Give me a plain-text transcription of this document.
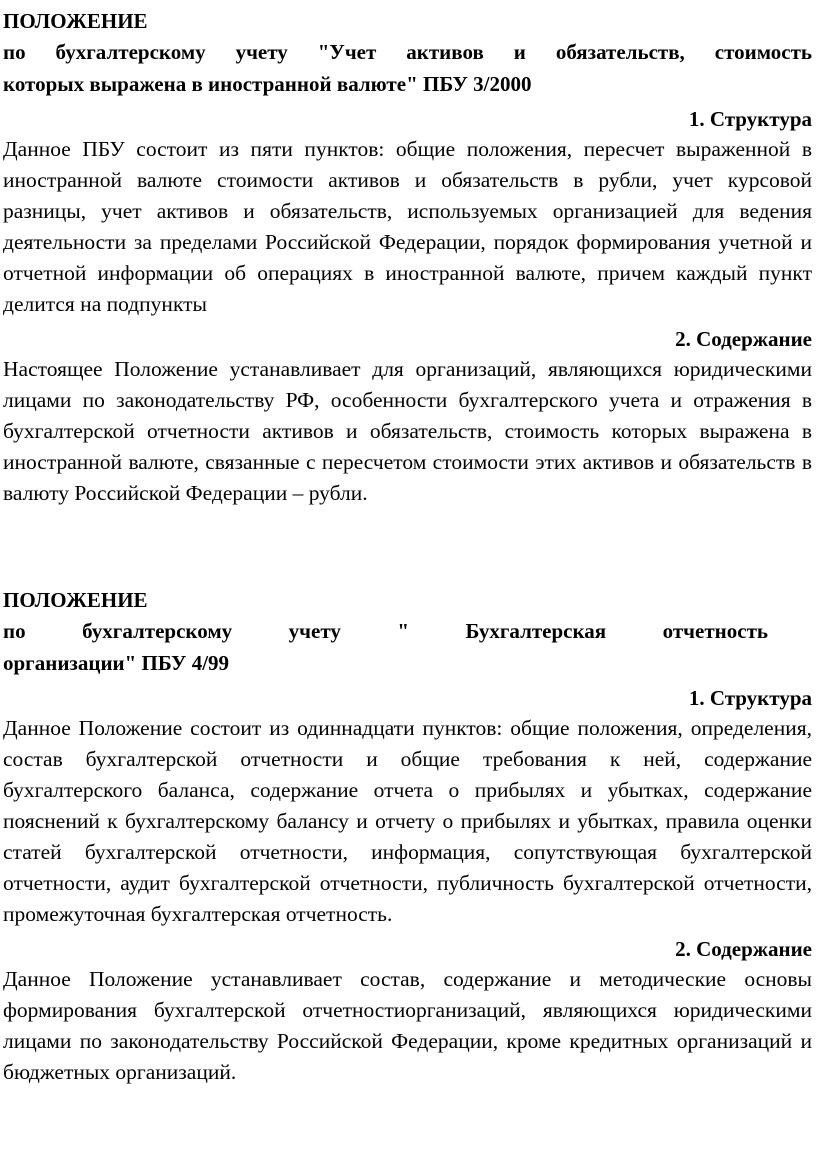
ПОЛОЖЕНИЕ

по бухгалтерскому учету "Учет активов и обязательств, стоимость

которых выражена в иностранной валюте" ПБУ 3/2000

1. Структура

Данное ПБУ состоит из пяти пунктов: общие положения, пересчет выраженной в иностранной валюте стоимости активов и обязательств в рубли, учет курсовой разницы, учет активов и обязательств, используемых организацией для ведения деятельности за пределами Российской Федерации, порядок формирования учетной и отчетной информации об операциях в иностранной валюте, причем каждый пункт делится на подпункты

2. Содержание

Настоящее Положение устанавливает для организаций, являющихся юридическими лицами по законодательству РФ, особенности бухгалтерского учета и отражения в бухгалтерской отчетности активов и обязательств, стоимость которых выражена в иностранной валюте, связанные с пересчетом стоимости этих активов и обязательств в валюту Российской Федерации – рубли.

ПОЛОЖЕНИЕ

по	бухгалтерскому	учету	"	Бухгалтерская	отчетность

организации" ПБУ 4/99

1. Структура

Данное Положение состоит из одиннадцати пунктов: общие положения, определения, состав бухгалтерской отчетности и общие требования к ней, содержание бухгалтерского баланса, содержание отчета о прибылях и убытках, содержание пояснений к бухгалтерскому балансу и отчету о прибылях и убытках, правила оценки статей бухгалтерской отчетности, информация, сопутствующая бухгалтерской отчетности, аудит бухгалтерской отчетности, публичность бухгалтерской отчетности, промежуточная бухгалтерская отчетность.

2. Содержание

Данное Положение устанавливает состав, содержание и методические основы формирования бухгалтерской отчетностиорганизаций, являющихся юридическими лицами по законодательству Российской Федерации, кроме кредитных организаций и бюджетных организаций.
